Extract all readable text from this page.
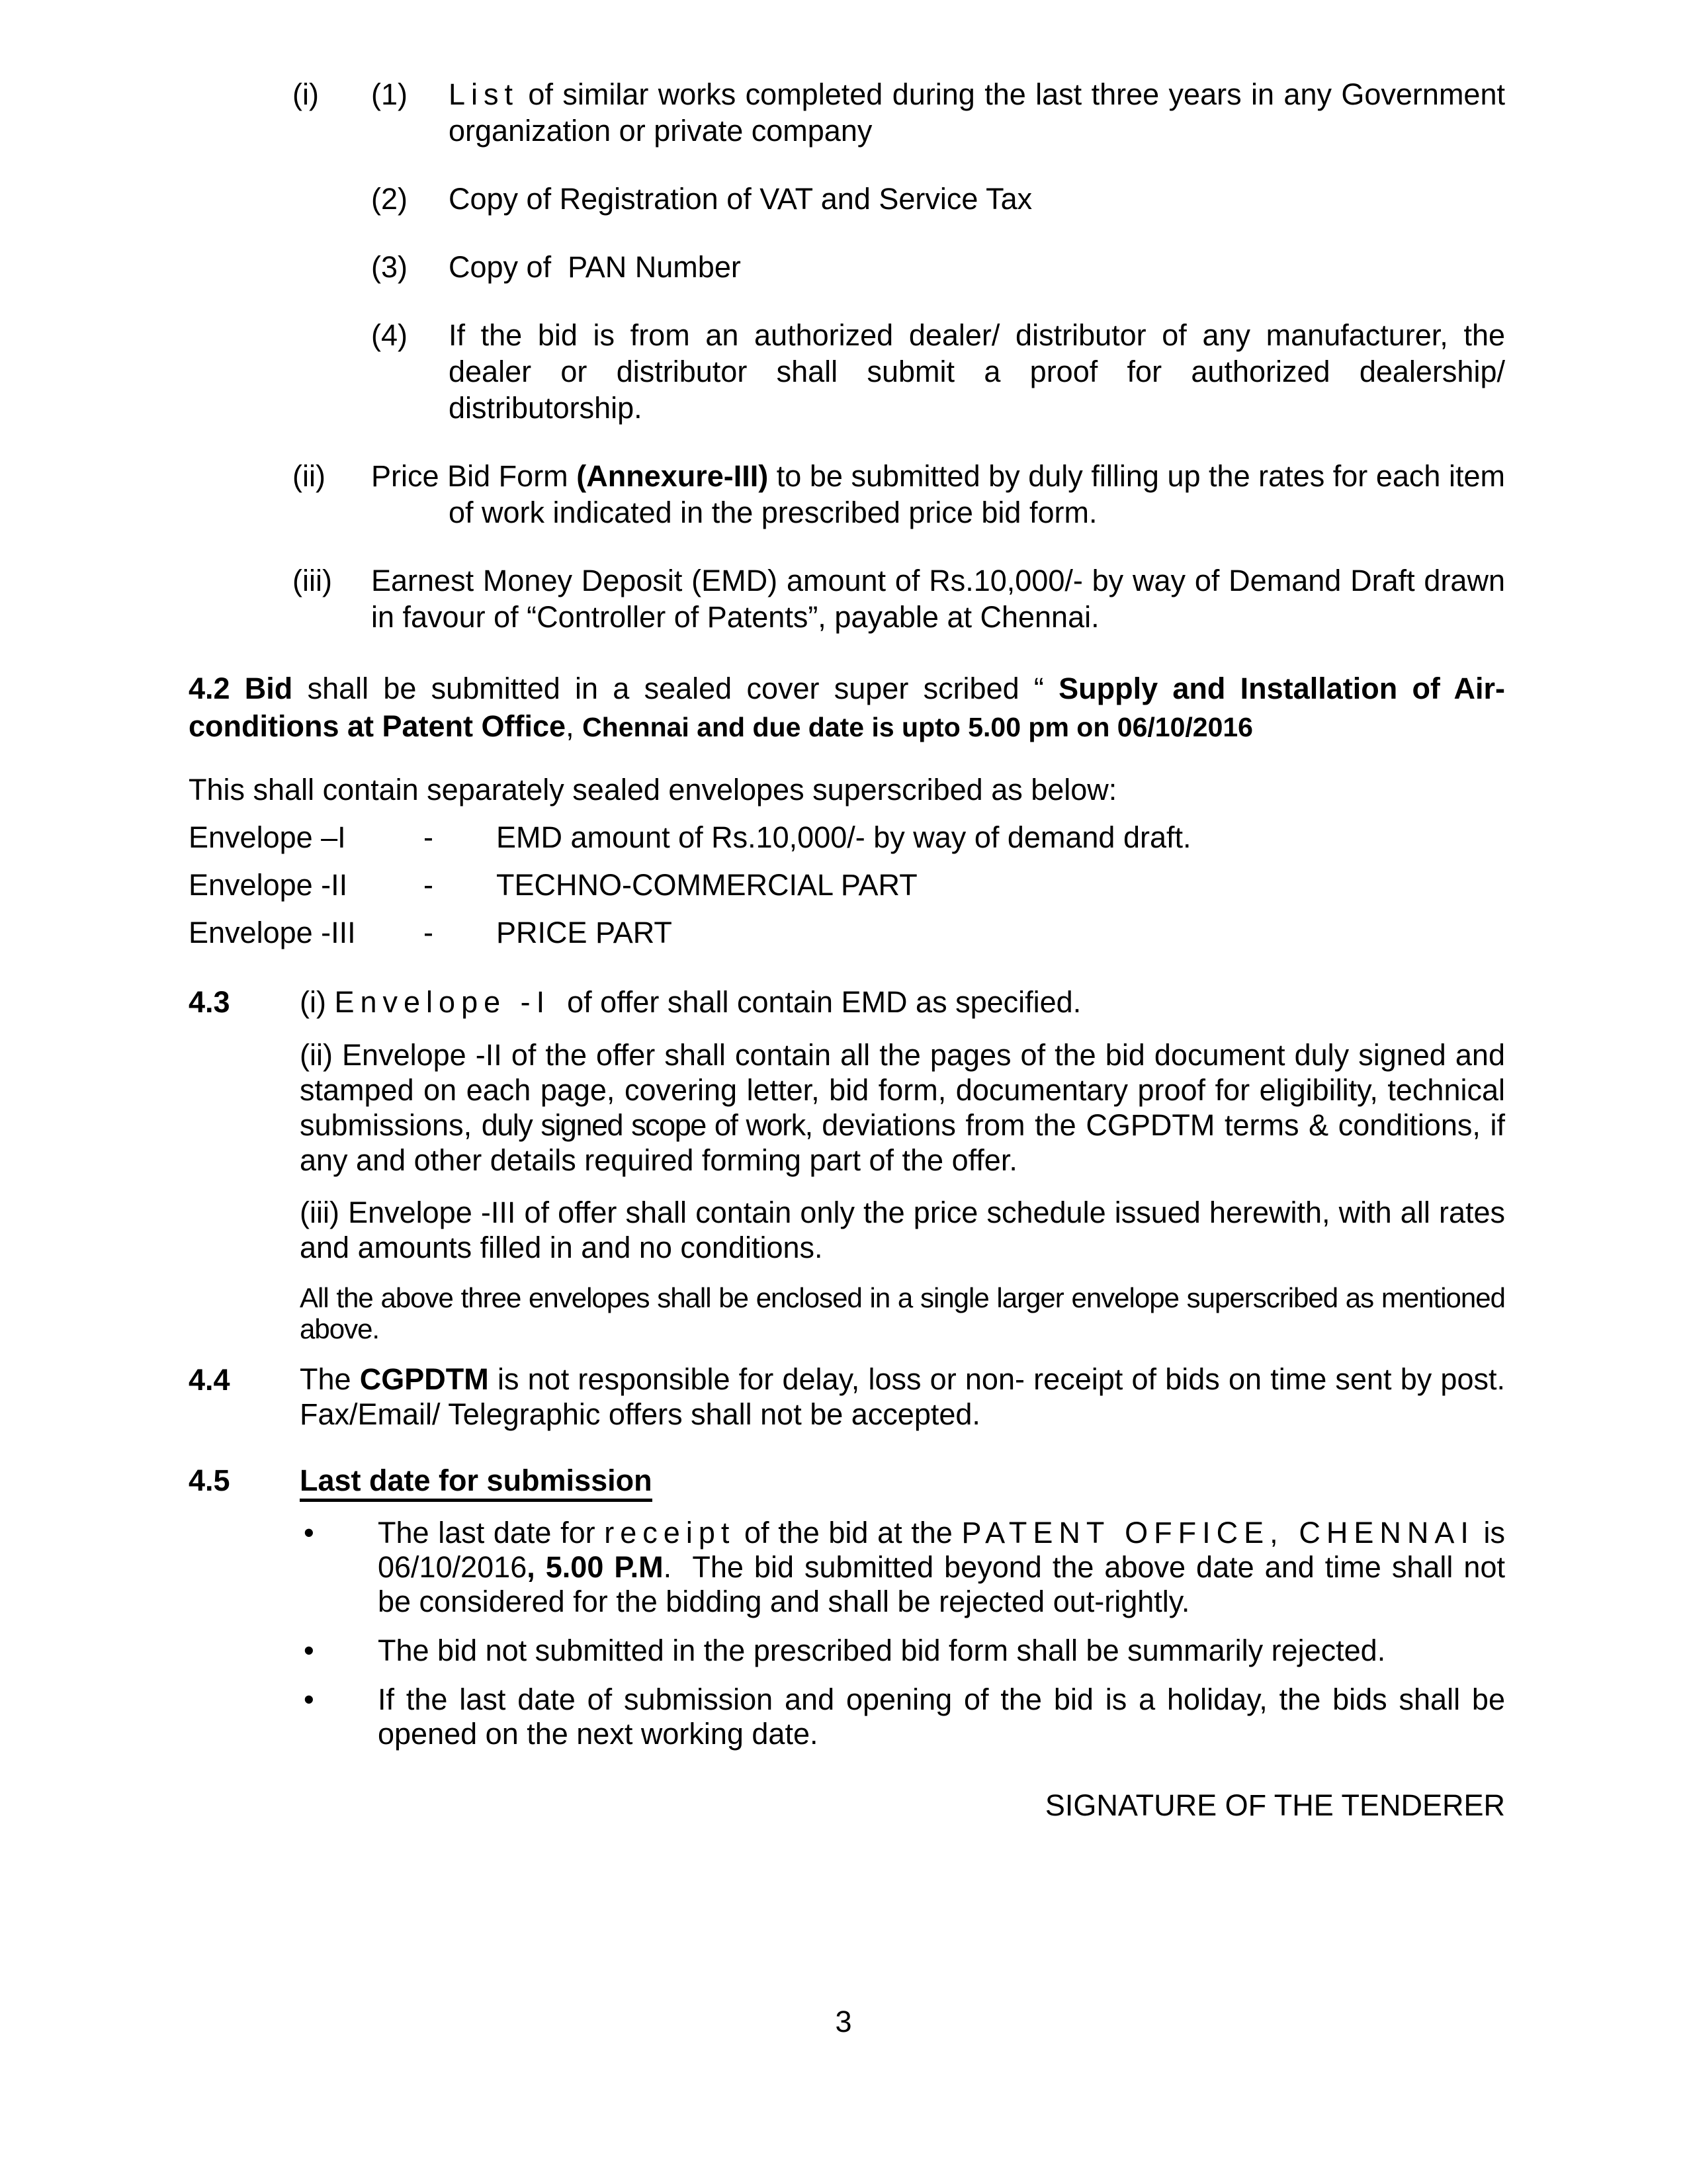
(i)	(1)	List of similar works completed during the last three years in any Government organization or private company
(2)	Copy of Registration of VAT and Service Tax
(3)	Copy of  PAN Number
(4)	If the bid is from an authorized dealer/ distributor of any manufacturer, the dealer or distributor shall submit a proof for authorized dealership/ distributorship.
(ii)	Price Bid Form (Annexure-III) to be submitted by duly filling up the rates for each item of work indicated in the prescribed price bid form.
(iii)	Earnest Money Deposit (EMD) amount of Rs.10,000/- by way of Demand Draft drawn in favour of “Controller of Patents”, payable at Chennai.
4.2 Bid shall be submitted in a sealed cover super scribed “ Supply and Installation of Air- conditions at Patent Office, Chennai and due date is upto 5.00 pm on 06/10/2016
This shall contain separately sealed envelopes superscribed as below:
Envelope –I	-	EMD amount of Rs.10,000/- by way of demand draft.
Envelope -II	-	TECHNO-COMMERCIAL PART
Envelope -III	-	PRICE PART
4.3	(i) Envelope -I  of offer shall contain EMD as specified.
(ii) Envelope -II of the offer shall contain all the pages of the bid document duly signed and stamped on each page, covering letter, bid form, documentary proof for eligibility, technical submissions, duly signed scope of work, deviations from the CGPDTM terms & conditions, if any and other details required forming part of the offer.
(iii) Envelope -III of offer shall contain only the price schedule issued herewith, with all rates and amounts filled in and no conditions.
All the above three envelopes shall be enclosed in a single larger envelope superscribed as mentioned above.
4.4	The CGPDTM is not responsible for delay, loss or non- receipt of bids on time sent by post. Fax/Email/ Telegraphic offers shall not be accepted.
4.5	Last date for submission
•	The last date for receipt of the bid at the PATENT OFFICE, CHENNAI is 06/10/2016, 5.00 P.M.  The bid submitted beyond the above date and time shall not be considered for the bidding and shall be rejected out-rightly.
•	The bid not submitted in the prescribed bid form shall be summarily rejected.
•	If the last date of submission and opening of the bid is a holiday, the bids shall be opened on the next working date.
SIGNATURE OF THE TENDERER
3
